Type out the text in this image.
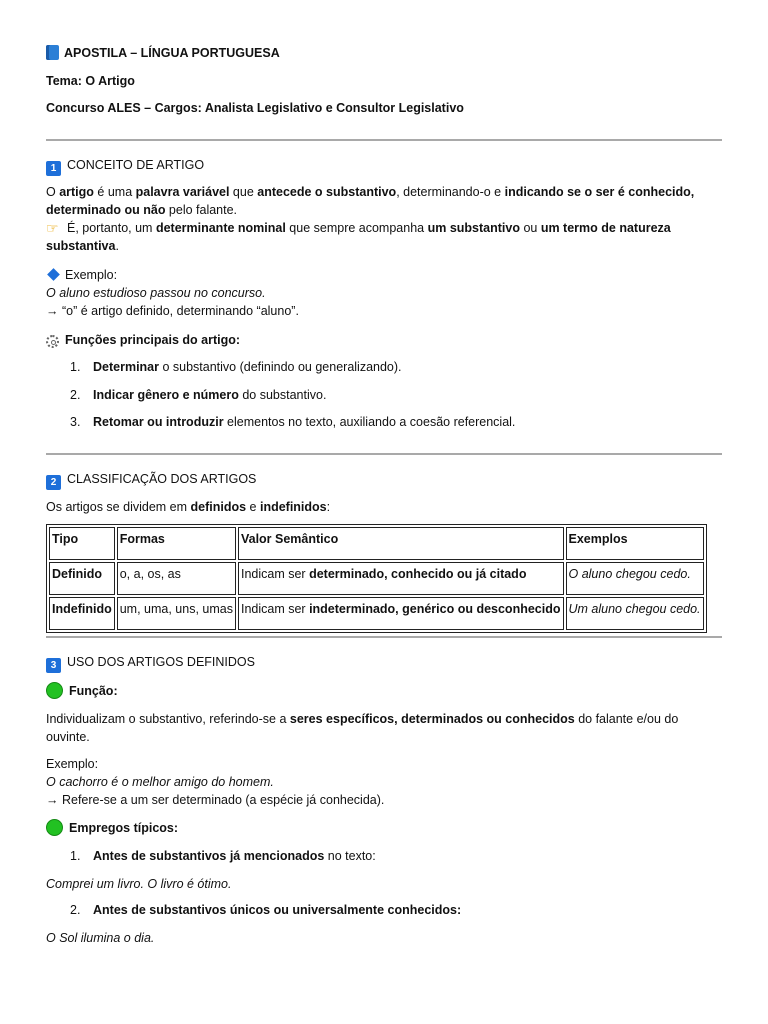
APOSTILA – LÍNGUA PORTUGUESA
Tema: O Artigo
Concurso ALES – Cargos: Analista Legislativo e Consultor Legislativo
1 CONCEITO DE ARTIGO
O artigo é uma palavra variável que antecede o substantivo, determinando-o e indicando se o ser é conhecido,
determinado ou não pelo falante.
☞ É, portanto, um determinante nominal que sempre acompanha um substantivo ou um termo de natureza
substantiva.
Exemplo:
O aluno estudioso passou no concurso.
→ “o” é artigo definido, determinando “aluno”.
Funções principais do artigo:
1. Determinar o substantivo (definindo ou generalizando).
2. Indicar gênero e número do substantivo.
3. Retomar ou introduzir elementos no texto, auxiliando a coesão referencial.
2 CLASSIFICAÇÃO DOS ARTIGOS
Os artigos se dividem em definidos e indefinidos:
Tipo	Formas	Valor Semântico	Exemplos
Definido	o, a, os, as	Indicam ser determinado, conhecido ou já citado	O aluno chegou cedo.
Indefinido	um, uma, uns, umas	Indicam ser indeterminado, genérico ou desconhecido	Um aluno chegou cedo.
3 USO DOS ARTIGOS DEFINIDOS
Função:
Individualizam o substantivo, referindo-se a seres específicos, determinados ou conhecidos do falante e/ou do
ouvinte.
Exemplo:
O cachorro é o melhor amigo do homem.
→ Refere-se a um ser determinado (a espécie já conhecida).
Empregos típicos:
1. Antes de substantivos já mencionados no texto:
Comprei um livro. O livro é ótimo.
2. Antes de substantivos únicos ou universalmente conhecidos:
O Sol ilumina o dia.
